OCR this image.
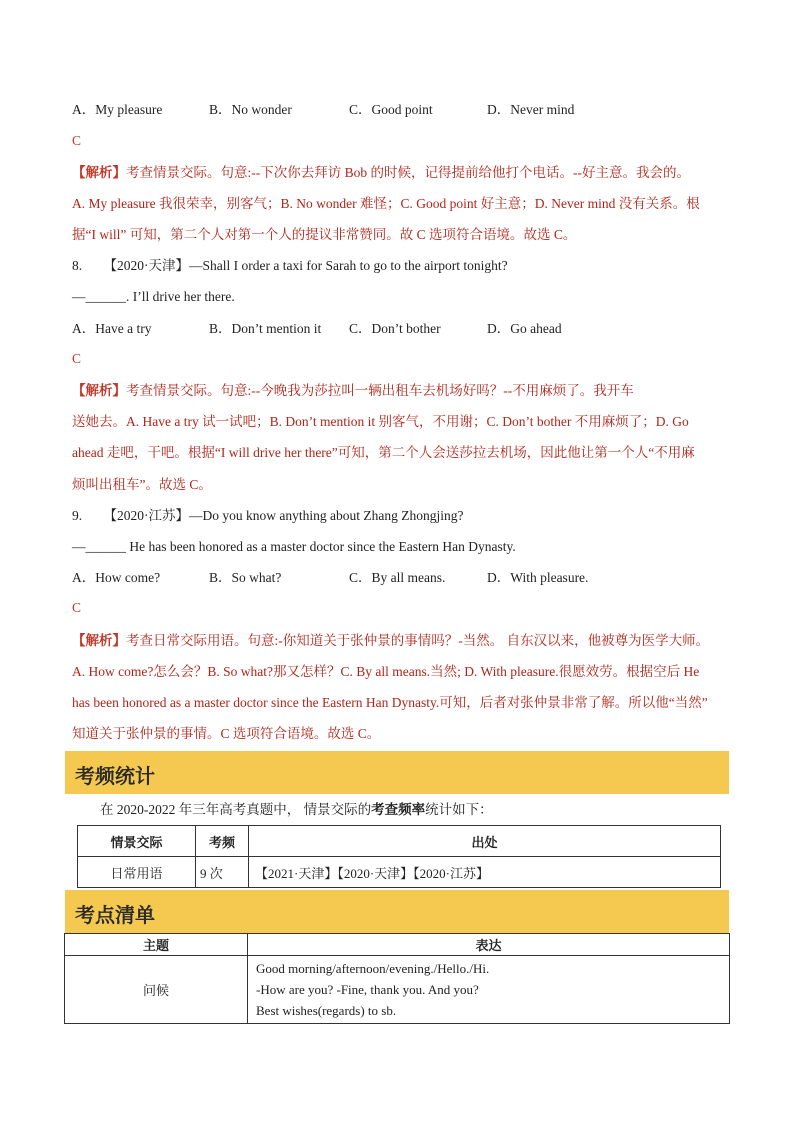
A．My pleasure	B．No wonder	C．Good point	D．Never mind
C
【解析】考查情景交际。句意:--下次你去拜访 Bob 的时候，记得提前给他打个电话。--好主意。我会的。
A. My pleasure 我很荣幸，别客气；B. No wonder 难怪；C. Good point 好主意；D. Never mind 没有关系。根
据“I will” 可知，第二个人对第一个人的提议非常赞同。故 C 选项符合语境。故选 C。
8. 【2020·天津】—Shall I order a taxi for Sarah to go to the airport tonight?
—______. I’ll drive her there.
A．Have a try	B．Don’t mention it C．Don’t bother	D．Go ahead
C
【解析】考查情景交际。句意:--今晚我为莎拉叫一辆出租车去机场好吗？--不用麻烦了。我开车
送她去。A. Have a try 试一试吧；B. Don’t mention it 别客气，不用谢；C. Don’t bother 不用麻烦了；D. Go
ahead 走吧，干吧。根据“I will drive her there”可知，第二个人会送莎拉去机场，因此他让第一个人“不用麻
烦叫出租车”。故选 C。
9. 【2020·江苏】—Do you know anything about Zhang Zhongjing?
—______ He has been honored as a master doctor since the Eastern Han Dynasty.
A．How come?	B．So what?	C．By all means.	D．With pleasure.
C
【解析】考查日常交际用语。句意:-你知道关于张仲景的事情吗？-当然。 自东汉以来，他被尊为医学大师。
A. How come?怎么会？B. So what?那又怎样？C. By all means.当然; D. With pleasure.很愿效劳。根据空后 He
has been honored as a master doctor since the Eastern Han Dynasty.可知，后者对张仲景非常了解。所以他“当然”
知道关于张仲景的事情。C 选项符合语境。故选 C。
考频统计
在 2020-2022 年三年高考真题中， 情景交际的考查频率统计如下：
情景交际	考频	出处
日常用语	9 次	【2021·天津】【2020·天津】【2020·江苏】
考点清单
主题	表达
问候	Good morning/afternoon/evening./Hello./Hi.
-How are you? -Fine, thank you. And you?
Best wishes(regards) to sb.
